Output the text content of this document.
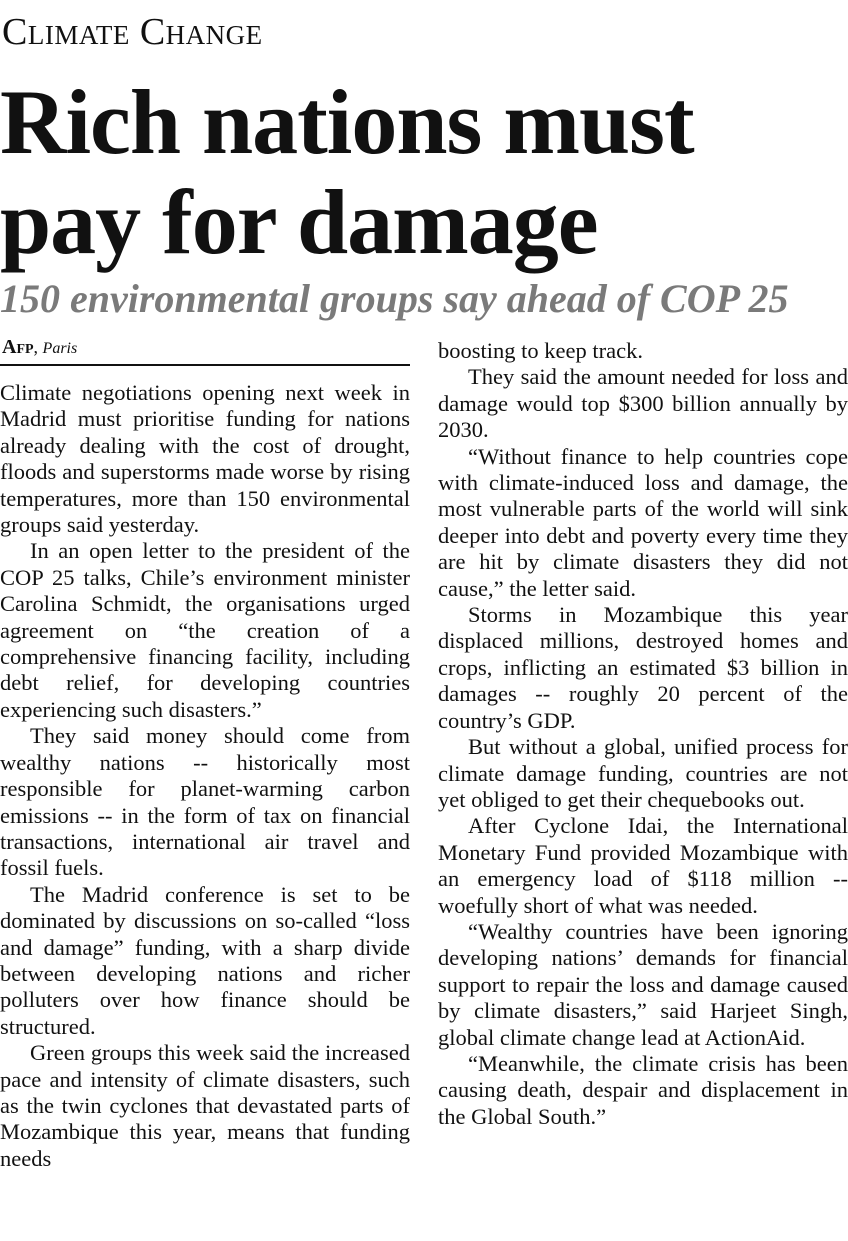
Climate Change
Rich nations must pay for damage
150 environmental groups say ahead of COP 25
Afp, Paris

Climate negotiations opening next week in Madrid must prioritise funding for nations already dealing with the cost of drought, floods and superstorms made worse by rising temperatures, more than 150 environmental groups said yesterday.

In an open letter to the president of the COP 25 talks, Chile’s environment minister Carolina Schmidt, the organisations urged agreement on “the creation of a comprehensive financing facility, including debt relief, for developing countries experiencing such disasters.”

They said money should come from wealthy nations -- historically most responsible for planet-warming carbon emissions -- in the form of tax on financial transactions, international air travel and fossil fuels.

The Madrid conference is set to be dominated by discussions on so-called “loss and damage” funding, with a sharp divide between developing nations and richer polluters over how finance should be structured.

Green groups this week said the increased pace and intensity of climate disasters, such as the twin cyclones that devastated parts of Mozambique this year, means that funding needs

boosting to keep track.

They said the amount needed for loss and damage would top $300 billion annually by 2030.

“Without finance to help countries cope with climate-induced loss and damage, the most vulnerable parts of the world will sink deeper into debt and poverty every time they are hit by climate disasters they did not cause,” the letter said.

Storms in Mozambique this year displaced millions, destroyed homes and crops, inflicting an estimated $3 billion in damages -- roughly 20 percent of the country’s GDP.

But without a global, unified process for climate damage funding, countries are not yet obliged to get their chequebooks out.

After Cyclone Idai, the International Monetary Fund provided Mozambique with an emergency load of $118 million -- woefully short of what was needed.

“Wealthy countries have been ignoring developing nations’ demands for financial support to repair the loss and damage caused by climate disasters,” said Harjeet Singh, global climate change lead at ActionAid.

“Meanwhile, the climate crisis has been causing death, despair and displacement in the Global South.”
